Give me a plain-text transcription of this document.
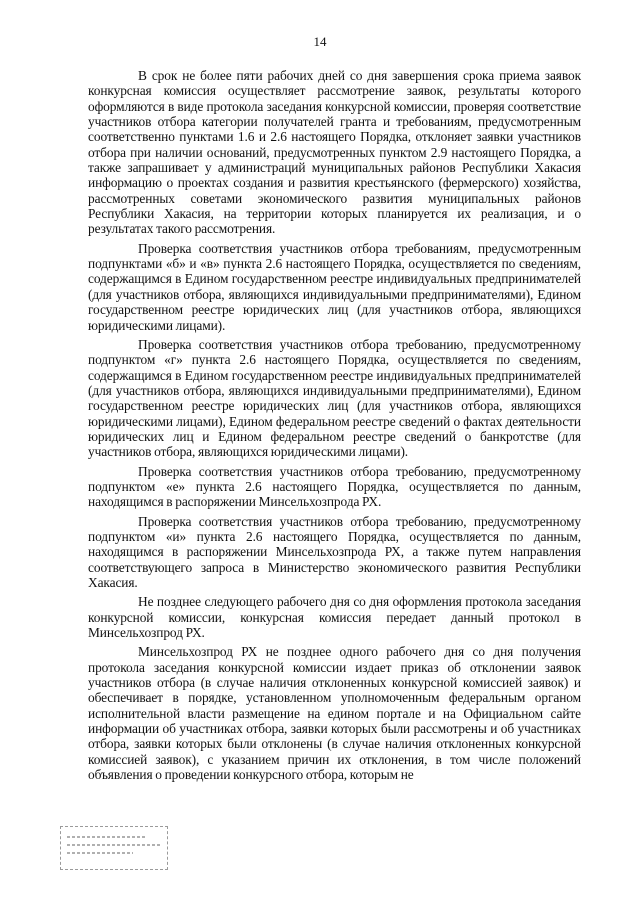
14

В срок не более пяти рабочих дней со дня завершения срока приема заявок конкурсная комиссия осуществляет рассмотрение заявок, результаты которого оформляются в виде протокола заседания конкурсной комиссии, проверяя соответствие участников отбора категории получателей гранта и требованиям, предусмотренным соответственно пунктами 1.6 и 2.6 настоящего Порядка, отклоняет заявки участников отбора при наличии оснований, предусмотренных пунктом 2.9 настоящего Порядка, а также запрашивает у администраций муниципальных районов Республики Хакасия информацию о проектах создания и развития крестьянского (фермерского) хозяйства, рассмотренных советами экономического развития муниципальных районов Республики Хакасия, на территории которых планируется их реализация, и о результатах такого рассмотрения.

Проверка соответствия участников отбора требованиям, предусмотренным подпунктами «б» и «в» пункта 2.6 настоящего Порядка, осуществляется по сведениям, содержащимся в Едином государственном реестре индивидуальных предпринимателей (для участников отбора, являющихся индивидуальными предпринимателями), Едином государственном реестре юридических лиц (для участников отбора, являющихся юридическими лицами).

Проверка соответствия участников отбора требованию, предусмотренному подпунктом «г» пункта 2.6 настоящего Порядка, осуществляется по сведениям, содержащимся в Едином государственном реестре индивидуальных предпринимателей (для участников отбора, являющихся индивидуальными предпринимателями), Едином государственном реестре юридических лиц (для участников отбора, являющихся юридическими лицами), Едином федеральном реестре сведений о фактах деятельности юридических лиц и Едином федеральном реестре сведений о банкротстве (для участников отбора, являющихся юридическими лицами).

Проверка соответствия участников отбора требованию, предусмотренному подпунктом «е» пункта 2.6 настоящего Порядка, осуществляется по данным, находящимся в распоряжении Минсельхозпрода РХ.

Проверка соответствия участников отбора требованию, предусмотренному подпунктом «и» пункта 2.6 настоящего Порядка, осуществляется по данным, находящимся в распоряжении Минсельхозпрода РХ, а также путем направления соответствующего запроса в Министерство экономического развития Республики Хакасия.

Не позднее следующего рабочего дня со дня оформления протокола заседания конкурсной комиссии, конкурсная комиссия передает данный протокол в Минсельхозпрод РХ.

Минсельхозпрод РХ не позднее одного рабочего дня со дня получения протокола заседания конкурсной комиссии издает приказ об отклонении заявок участников отбора (в случае наличия отклоненных конкурсной комиссией заявок) и обеспечивает в порядке, установленном уполномоченным федеральным органом исполнительной власти размещение на едином портале и на Официальном сайте информации об участниках отбора, заявки которых были рассмотрены и об участниках отбора, заявки которых были отклонены (в случае наличия отклоненных конкурсной комиссией заявок), с указанием причин их отклонения, в том числе положений объявления о проведении конкурсного отбора, которым не
